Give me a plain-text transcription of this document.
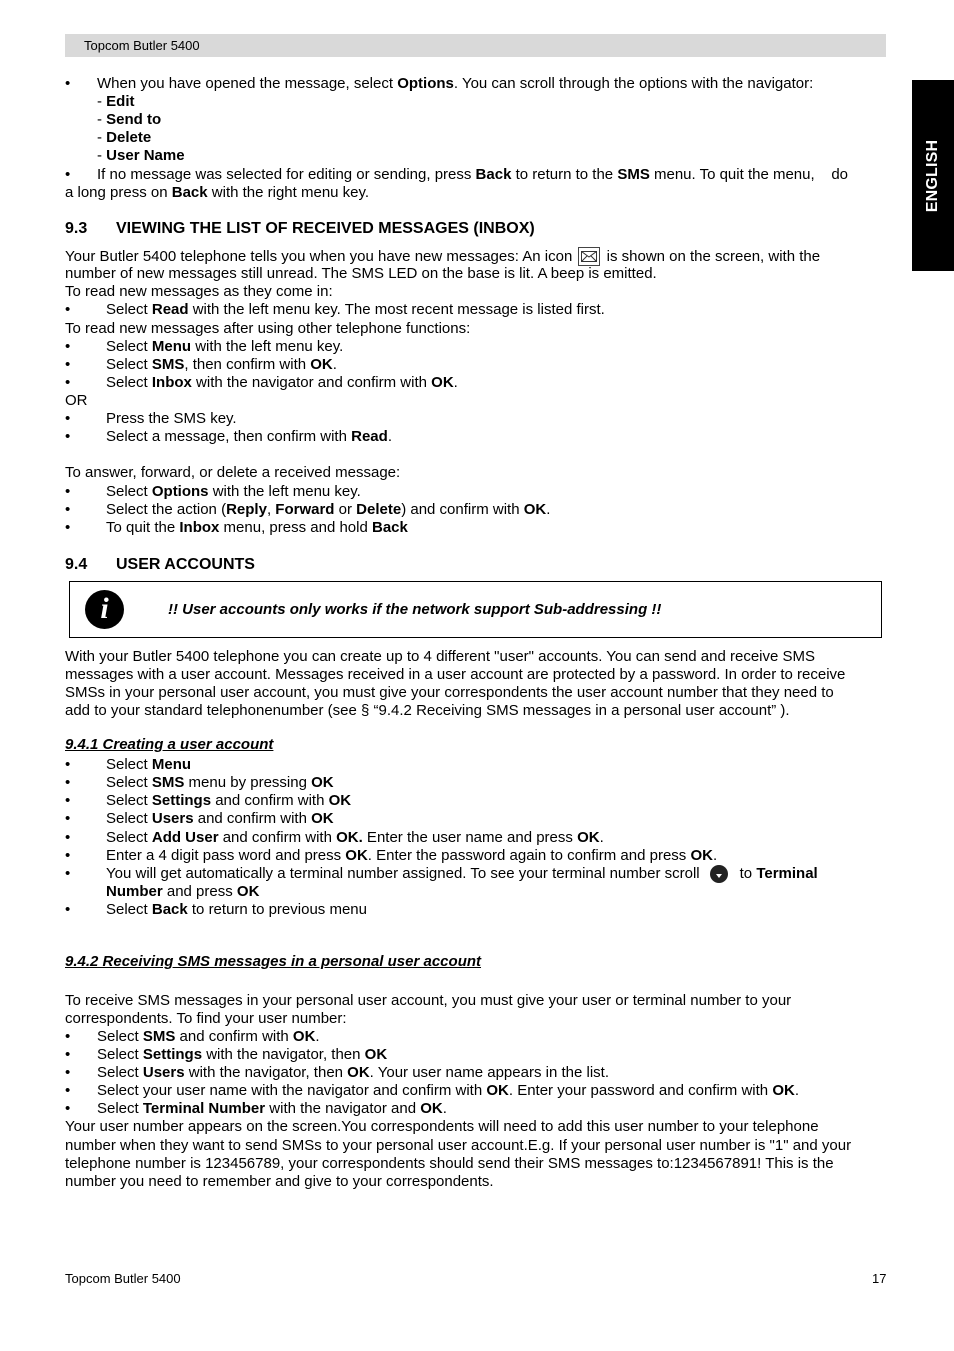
Topcom Butler 5400
ENGLISH
• When you have opened the message, select Options. You can scroll through the options with the navigator:
- Edit
- Send to
- Delete
- User Name
• If no message was selected for editing or sending, press Back to return to the SMS menu. To quit the menu,    do
a long press on Back with the right menu key.
9.3 VIEWING THE LIST OF RECEIVED MESSAGES (INBOX)
Your Butler 5400 telephone tells you when you have new messages: An icon is shown on the screen, with the
number of new messages still unread. The SMS LED on the base is lit. A beep is emitted.
To read new messages as they come in:
• Select Read with the left menu key. The most recent message is listed first.
To read new messages after using other telephone functions:
• Select Menu with the left menu key.
• Select SMS, then confirm with OK.
• Select Inbox with the navigator and confirm with OK.
OR
• Press the SMS key.
• Select a message, then confirm with Read.
To answer, forward, or delete a received message:
• Select Options with the left menu key.
• Select the action (Reply, Forward or Delete) and confirm with OK.
• To quit the Inbox menu, press and hold Back
9.4 USER ACCOUNTS
i	!! User accounts only works if the network support Sub-addressing !!
With your Butler 5400 telephone you can create up to 4 different "user" accounts. You can send and receive SMS
messages with a user account. Messages received in a user account are protected by a password. In order to receive
SMSs in your personal user account, you must give your correspondents the user account number that they need to
add to your standard telephonenumber (see § “9.4.2 Receiving SMS messages in a personal user account” ).
9.4.1 Creating a user account
• Select Menu
• Select SMS menu by pressing OK
• Select Settings and confirm with OK
• Select Users and confirm with OK
• Select Add User and confirm with OK. Enter the user name and press OK.
• Enter a 4 digit pass word and press OK. Enter the password again to confirm and press OK.
• You will get automatically a terminal number assigned. To see your terminal number scroll	to Terminal
Number and press OK
• Select Back to return to previous menu
9.4.2 Receiving SMS messages in a personal user account
To receive SMS messages in your personal user account, you must give your user or terminal number to your
correspondents. To find your user number:
• Select SMS and confirm with OK.
• Select Settings with the navigator, then OK
• Select Users with the navigator, then OK. Your user name appears in the list.
• Select your user name with the navigator and confirm with OK. Enter your password and confirm with OK.
• Select Terminal Number with the navigator and OK.
Your user number appears on the screen.You correspondents will need to add this user number to your telephone
number when they want to send SMSs to your personal user account.E.g. If your personal user number is "1" and your
telephone number is 123456789, your correspondents should send their SMS messages to:1234567891! This is the
number you need to remember and give to your correspondents.
Topcom Butler 5400	17
